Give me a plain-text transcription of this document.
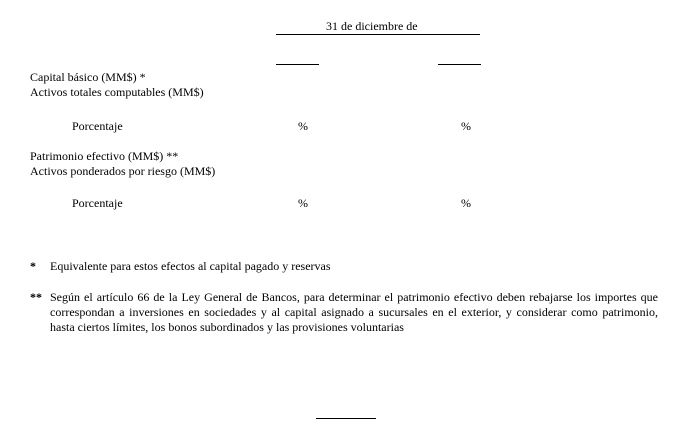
31 de diciembre de
Capital básico (MM$) *
Activos totales computables (MM$)
Porcentaje	%	%
Patrimonio efectivo (MM$) **
Activos ponderados por riesgo (MM$)
Porcentaje	%	%
* Equivalente para estos efectos al capital pagado y reservas
** Según el artículo 66 de la Ley General de Bancos, para determinar el patrimonio efectivo deben rebajarse los importes que correspondan a inversiones en sociedades y al capital asignado a sucursales en el exterior, y considerar como patrimonio, hasta ciertos límites, los bonos subordinados y las provisiones voluntarias
